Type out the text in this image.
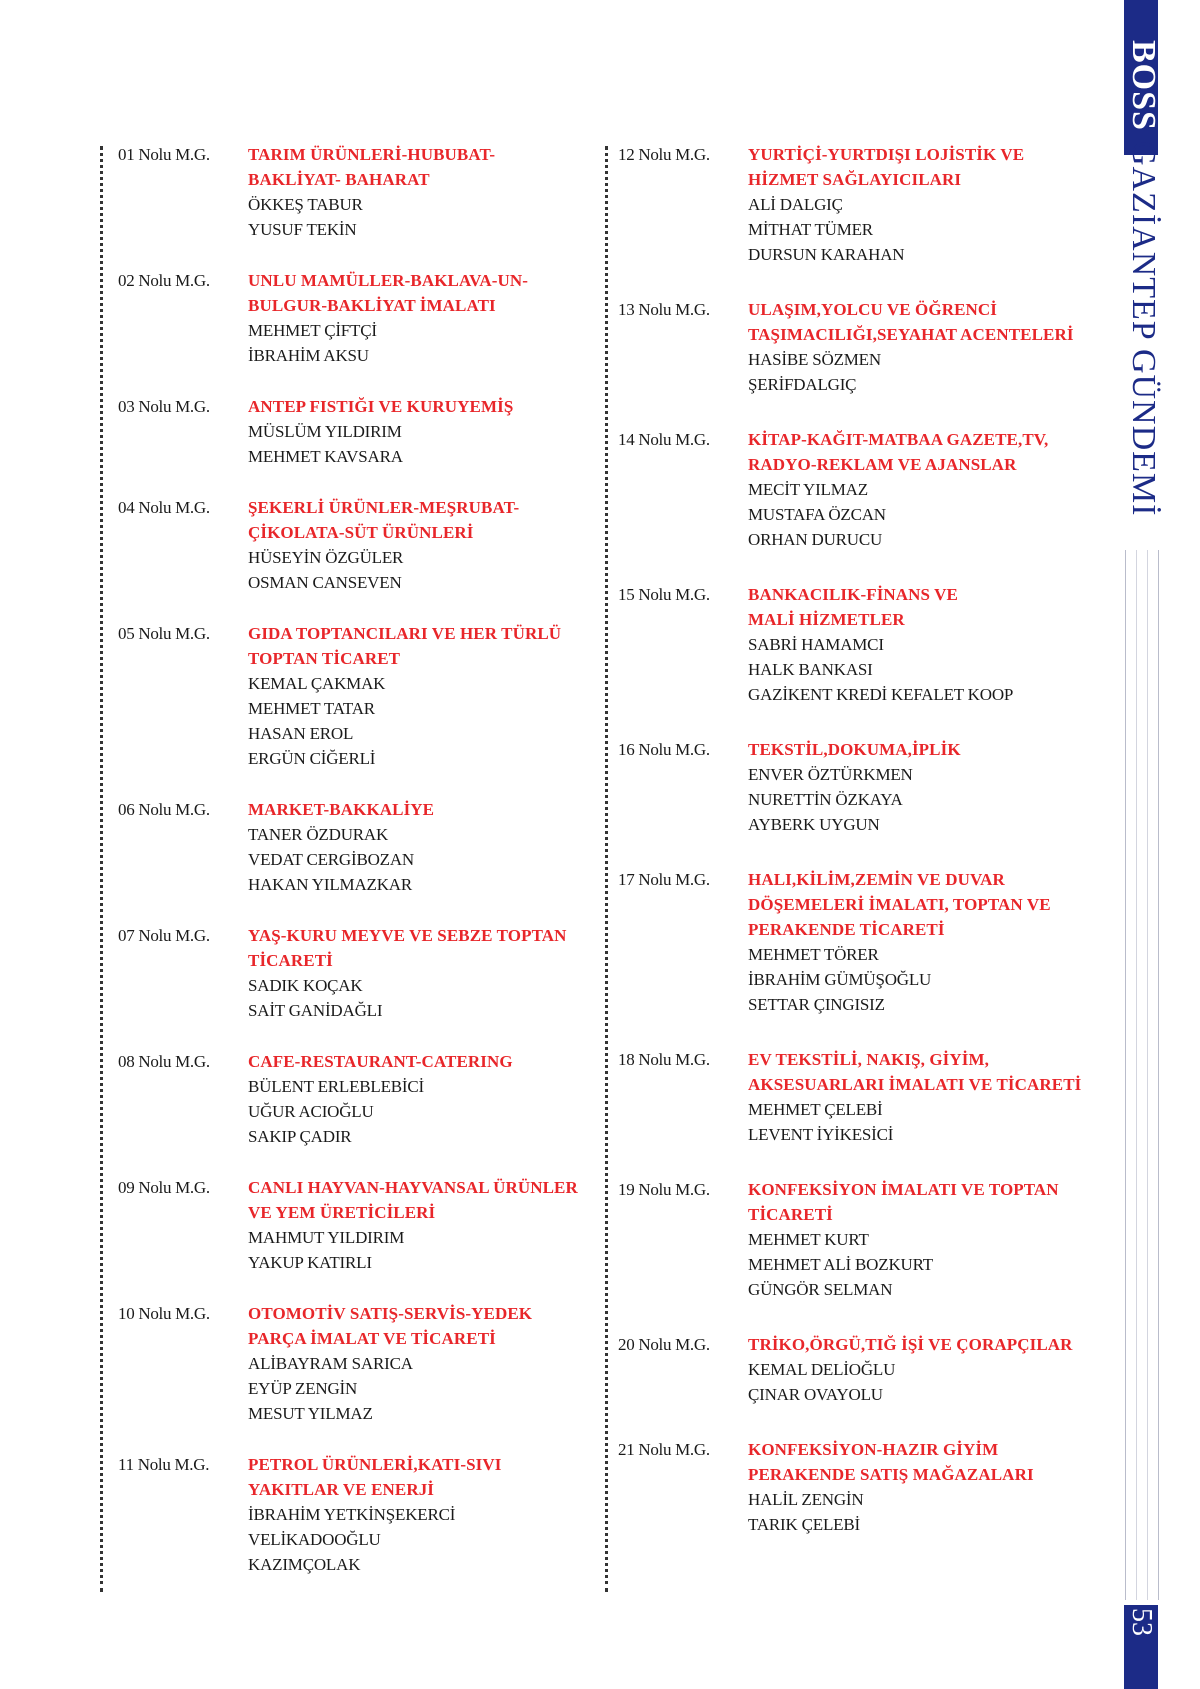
01 Nolu M.G.	TARIM ÜRÜNLERİ-HUBUBAT-
BAKLİYAT- BAHARAT
ÖKKEŞ TABUR
YUSUF TEKİN
02 Nolu M.G.	UNLU MAMÜLLER-BAKLAVA-UN-
BULGUR-BAKLİYAT İMALATI
MEHMET ÇİFTÇİ
İBRAHİM AKSU
03 Nolu M.G.	ANTEP FISTIĞI VE KURUYEMİŞ
MÜSLÜM YILDIRIM
MEHMET KAVSARA
04 Nolu M.G.	ŞEKERLİ ÜRÜNLER-MEŞRUBAT-
ÇİKOLATA-SÜT ÜRÜNLERİ
HÜSEYİN ÖZGÜLER
OSMAN CANSEVEN
05 Nolu M.G.	GIDA TOPTANCILARI VE HER TÜRLÜ
TOPTAN TİCARET
KEMAL ÇAKMAK
MEHMET TATAR
HASAN EROL
ERGÜN CİĞERLİ
06 Nolu M.G.	MARKET-BAKKALİYE
TANER ÖZDURAK
VEDAT CERGİBOZAN
HAKAN YILMAZKAR
07 Nolu M.G.	YAŞ-KURU MEYVE VE SEBZE TOPTAN
TİCARETİ
SADIK KOÇAK
SAİT GANİDAĞLI
08 Nolu M.G.	CAFE-RESTAURANT-CATERING
BÜLENT ERLEBLEBİCİ
UĞUR ACIOĞLU
SAKIP ÇADIR
09 Nolu M.G.	CANLI HAYVAN-HAYVANSAL ÜRÜNLER
VE YEM ÜRETİCİLERİ
MAHMUT YILDIRIM
YAKUP KATIRLI
10 Nolu M.G.	OTOMOTİV SATIŞ-SERVİS-YEDEK
PARÇA İMALAT VE TİCARETİ
ALİBAYRAM SARICA
EYÜP ZENGİN
MESUT YILMAZ
11 Nolu M.G.	PETROL ÜRÜNLERİ,KATI-SIVI
YAKITLAR VE ENERJİ
İBRAHİM YETKİNŞEKERCİ
VELİKADOOĞLU
KAZIMÇOLAK
12 Nolu M.G.	YURTİÇİ-YURTDIŞI LOJİSTİK VE
HİZMET SAĞLAYICILARI
ALİ DALGIÇ
MİTHAT TÜMER
DURSUN KARAHAN
13 Nolu M.G.	ULAŞIM,YOLCU VE ÖĞRENCİ
TAŞIMACILIĞI,SEYAHAT ACENTELERİ
HASİBE SÖZMEN
ŞERİFDALGIÇ
14 Nolu M.G.	KİTAP-KAĞIT-MATBAA GAZETE,TV,
RADYO-REKLAM VE AJANSLAR
MECİT YILMAZ
MUSTAFA ÖZCAN
ORHAN DURUCU
15 Nolu M.G.	BANKACILIK-FİNANS VE
MALİ HİZMETLER
SABRİ HAMAMCI
HALK BANKASI
GAZİKENT KREDİ KEFALET KOOP
16 Nolu M.G.	TEKSTİL,DOKUMA,İPLİK
ENVER ÖZTÜRKMEN
NURETTİN ÖZKAYA
AYBERK UYGUN
17 Nolu M.G.	HALI,KİLİM,ZEMİN VE DUVAR
DÖŞEMELERİ İMALATI, TOPTAN VE
PERAKENDE TİCARETİ
MEHMET TÖRER
İBRAHİM GÜMÜŞOĞLU
SETTAR ÇINGISIZ
18 Nolu M.G.	EV TEKSTİLİ, NAKIŞ, GİYİM,
AKSESUARLARI İMALATI VE TİCARETİ
MEHMET ÇELEBİ
LEVENT İYİKESİCİ
19 Nolu M.G.	KONFEKSİYON İMALATI VE TOPTAN
TİCARETİ
MEHMET KURT
MEHMET ALİ BOZKURT
GÜNGÖR SELMAN
20 Nolu M.G.	TRİKO,ÖRGÜ,TIĞ İŞİ VE ÇORAPÇILAR
KEMAL DELİOĞLU
ÇINAR OVAYOLU
21 Nolu M.G.	KONFEKSİYON-HAZIR GİYİM
PERAKENDE SATIŞ MAĞAZALARI
HALİL ZENGİN
TARIK ÇELEBİ
BOSSGAZİANTEP GÜNDEMİ
53
